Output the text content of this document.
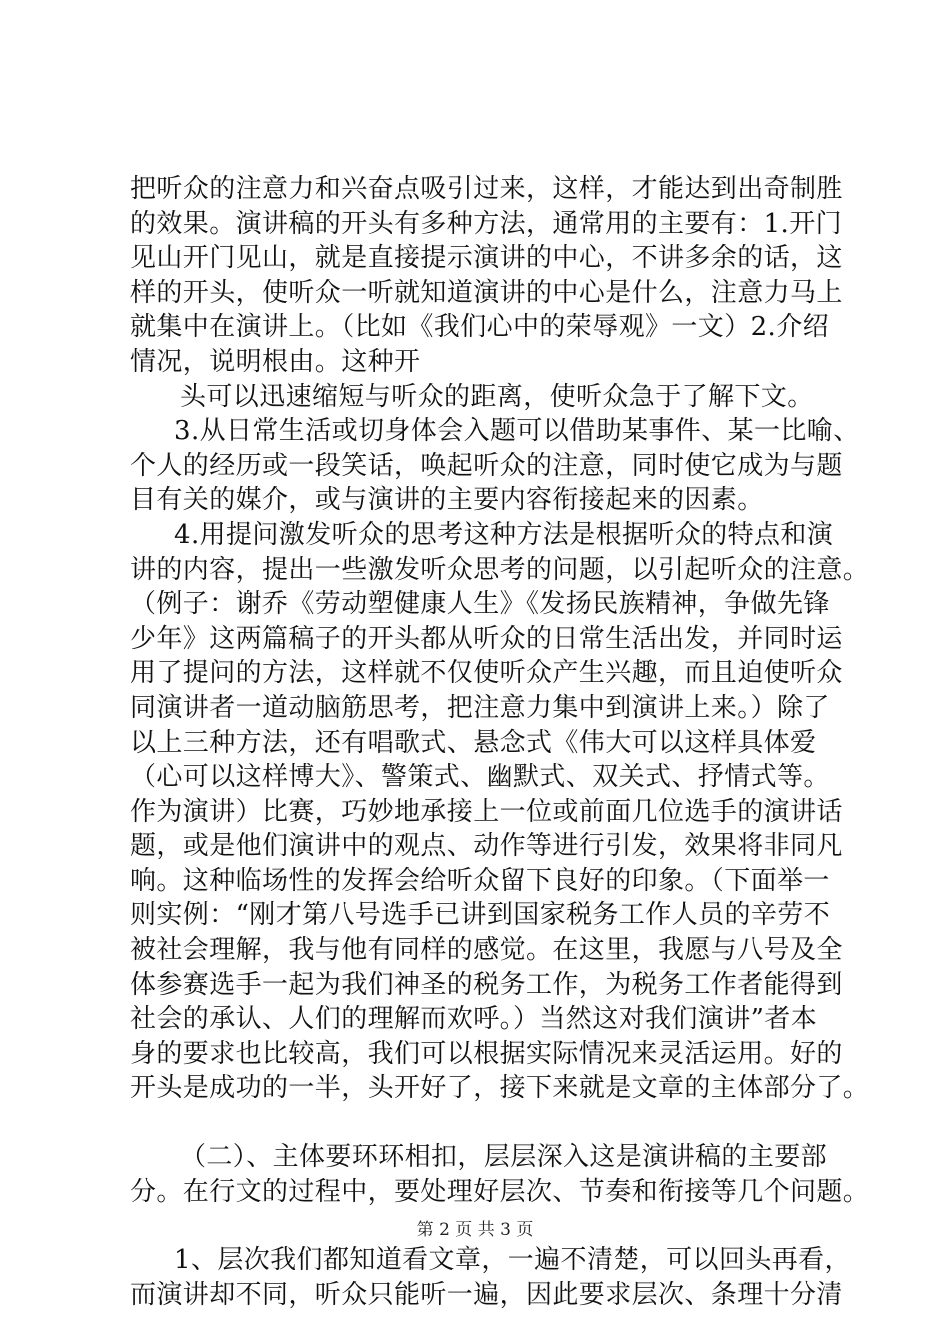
把听众的注意力和兴奋点吸引过来，这样，才能达到出奇制胜
的效果。演讲稿的开头有多种方法，通常用的主要有：1.开门
见山开门见山，就是直接提示演讲的中心，不讲多余的话，这
样的开头，使听众一听就知道演讲的中心是什么，注意力马上
就集中在演讲上。（比如《我们心中的荣辱观》一文）2.介绍
情况，说明根由。这种开
头可以迅速缩短与听众的距离，使听众急于了解下文。
3.从日常生活或切身体会入题可以借助某事件、某一比喻、
个人的经历或一段笑话，唤起听众的注意，同时使它成为与题
目有关的媒介，或与演讲的主要内容衔接起来的因素。
4.用提问激发听众的思考这种方法是根据听众的特点和演
讲的内容，提出一些激发听众思考的问题，以引起听众的注意。
（例子：谢乔《劳动塑健康人生》《发扬民族精神，争做先锋
少年》这两篇稿子的开头都从听众的日常生活出发，并同时运
用了提问的方法，这样就不仅使听众产生兴趣，而且迫使听众
同演讲者一道动脑筋思考，把注意力集中到演讲上来。）除了
以上三种方法，还有唱歌式、悬念式《伟大可以这样具体爱
（心可以这样博大》、警策式、幽默式、双关式、抒情式等。
作为演讲）比赛，巧妙地承接上一位或前面几位选手的演讲话
题，或是他们演讲中的观点、动作等进行引发，效果将非同凡
响。这种临场性的发挥会给听众留下良好的印象。（下面举一
则实例：“刚才第八号选手已讲到国家税务工作人员的辛劳不
被社会理解，我与他有同样的感觉。在这里，我愿与八号及全
体参赛选手一起为我们神圣的税务工作，为税务工作者能得到
社会的承认、人们的理解而欢呼。）当然这对我们演讲”者本
身的要求也比较高，我们可以根据实际情况来灵活运用。好的
开头是成功的一半，头开好了，接下来就是文章的主体部分了。
（二）、主体要环环相扣，层层深入这是演讲稿的主要部
分。在行文的过程中，要处理好层次、节奏和衔接等几个问题。
1、层次我们都知道看文章，一遍不清楚，可以回头再看，
而演讲却不同，听众只能听一遍，因此要求层次、条理十分清
第 2 页 共 3 页
